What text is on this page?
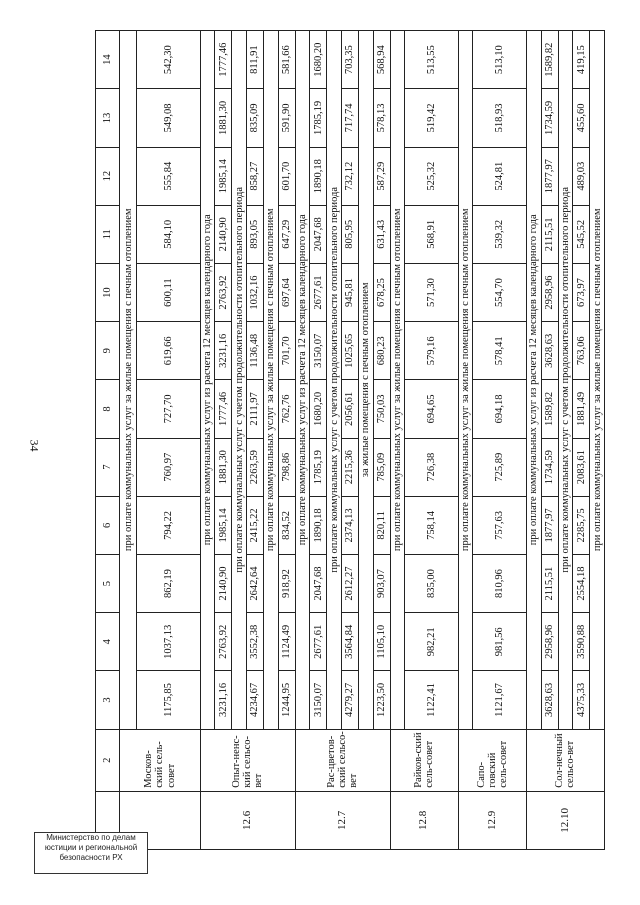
34
	2	3	4	5	6	7	8	9	10	11	12	13	14
	Москов-ский сель-совет	при оплате коммунальных услуг за жилые помещения с печным отоплением											
		1175,85	1037,13	862,19	794,22	760,97	727,70	619,66	600,11	584,10	555,84	549,08	542,30
12.6	Опыт-ненс-кий сельсо-вет	при оплате коммунальных услуг из расчета 12 месяцев календарного года											
		3231,16	2763,92	2140,90	1985,14	1881,30	1777,46	3231,16	2763,92	2140,90	1985,14	1881,30	1777,46
		при оплате коммунальных услуг с учетом продолжительности отопительного периода											
		4234,67	3552,38	2642,64	2415,22	2263,59	2111,97	1136,48	1032,16	893,05	858,27	835,09	811,91
		при оплате коммунальных услуг за жилые помещения с печным отоплением											
		1244,95	1124,49	918,92	834,52	798,86	762,76	701,70	697,64	647,29	601,70	591,90	581,66
12.7	Рас-цветов-ский сельсо-вет	при оплате коммунальных услуг из расчета 12 месяцев календарного года											
		3150,07	2677,61	2047,68	1890,18	1785,19	1680,20	3150,07	2677,61	2047,68	1890,18	1785,19	1680,20
		при оплате коммунальных услуг с учетом продолжительности отопительного периода											
		4279,27	3564,84	2612,27	2374,13	2215,36	2056,61	1025,65	945,81	805,95	732,12	717,74	703,35
		за жилые помещения с печным отоплением											
		1223,50	1105,10	903,07	820,11	785,09	750,03	680,23	678,25	631,43	587,29	578,13	568,94
12.8	Райков-ский сель-совет	при оплате коммунальных услуг за жилые помещения с печным отоплением											
		1122,41	982,21	835,00	758,14	726,38	694,65	579,16	571,30	568,91	525,32	519,42	513,55
12.9	Сапо-говский сель-совет	при оплате коммунальных услуг за жилые помещения с печным отоплением											
		1121,67	981,56	810,96	757,63	725,89	694,18	578,41	554,70	539,32	524,81	518,93	513,10
12.10	Сол-нечный сельсо-вет	при оплате коммунальных услуг из расчета 12 месяцев календарного года											
		3628,63	2958,96	2115,51	1877,97	1734,59	1589,82	3628,63	2958,96	2115,51	1877,97	1734,59	1589,82
		при оплате коммунальных услуг с учетом продолжительности отопительного периода											
		4375,33	3590,88	2554,18	2285,75	2083,61	1881,49	763,06	673,97	545,52	489,03	455,60	419,15
		при оплате коммунальных услуг за жилые помещения с печным отоплением											
Министерство по делам
юстиции и региональной
безопасности РХ
